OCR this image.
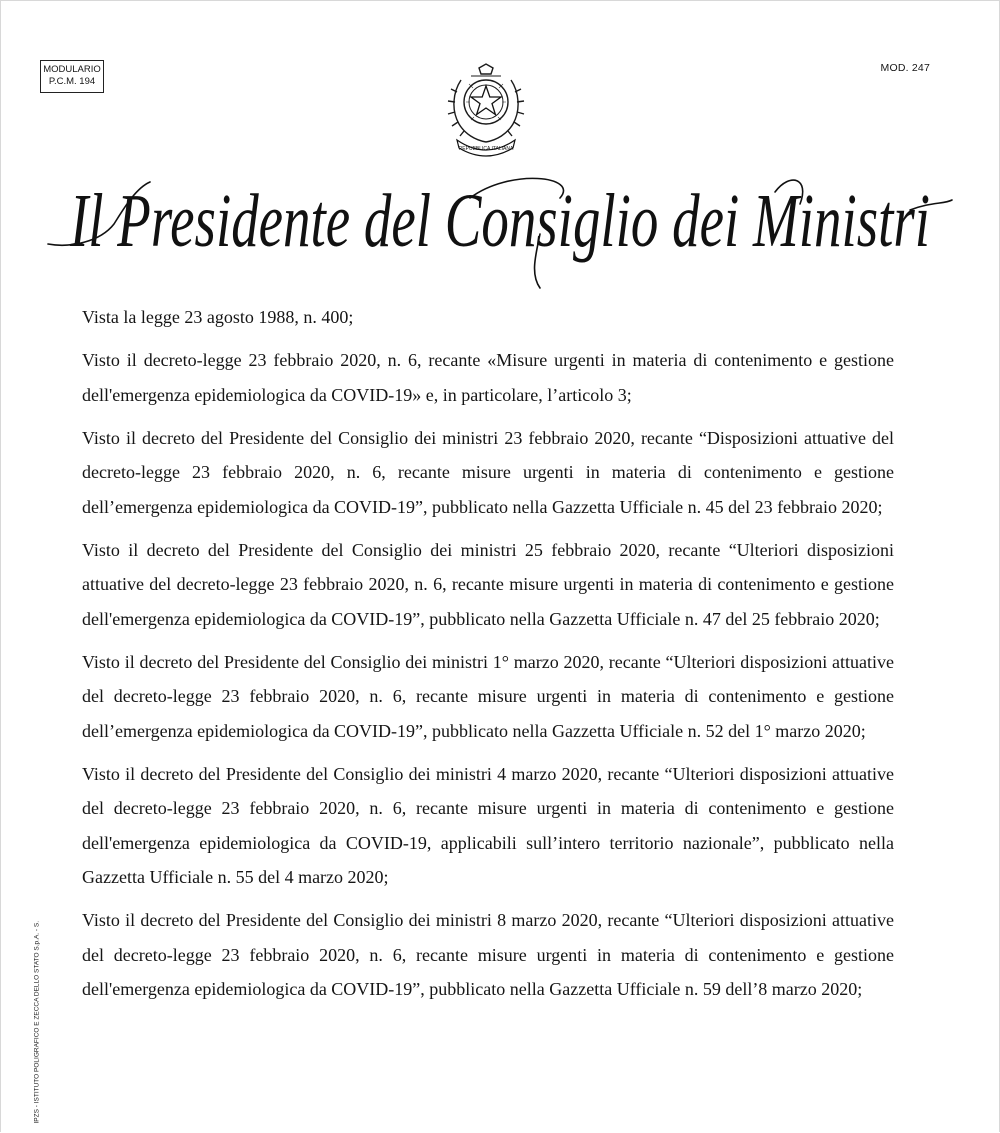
MODULARIO
P.C.M. 194
MOD. 247
REPUBBLICA ITALIANA
Il Presidente del Consiglio dei Ministri

Vista la legge 23 agosto 1988, n. 400;

Visto il decreto-legge 23 febbraio 2020, n. 6, recante «Misure urgenti in materia di contenimento e gestione dell'emergenza epidemiologica da COVID-19» e, in particolare, l’articolo 3;

Visto il decreto del Presidente del Consiglio dei ministri 23 febbraio 2020, recante “Disposizioni attuative del decreto-legge 23 febbraio 2020, n. 6, recante misure urgenti in materia di contenimento e gestione dell’emergenza epidemiologica da COVID-19”, pubblicato nella Gazzetta Ufficiale n. 45 del 23 febbraio 2020;

Visto il decreto del Presidente del Consiglio dei ministri 25 febbraio 2020, recante “Ulteriori disposizioni attuative del decreto-legge 23 febbraio 2020, n. 6, recante misure urgenti in materia di contenimento e gestione dell'emergenza epidemiologica da COVID-19”, pubblicato nella Gazzetta Ufficiale n. 47 del 25 febbraio 2020;

Visto il decreto del Presidente del Consiglio dei ministri 1° marzo 2020, recante “Ulteriori disposizioni attuative del decreto-legge 23 febbraio 2020, n. 6, recante misure urgenti in materia di contenimento e gestione dell’emergenza epidemiologica da COVID-19”, pubblicato nella Gazzetta Ufficiale n. 52 del 1° marzo 2020;

Visto il decreto del Presidente del Consiglio dei ministri 4 marzo 2020, recante “Ulteriori disposizioni attuative del decreto-legge 23 febbraio 2020, n. 6, recante misure urgenti in materia di contenimento e gestione dell'emergenza epidemiologica da COVID-19, applicabili sull’intero territorio nazionale”, pubblicato nella Gazzetta Ufficiale n. 55 del 4 marzo 2020;

Visto il decreto del Presidente del Consiglio dei ministri 8 marzo 2020, recante “Ulteriori disposizioni attuative del decreto-legge 23 febbraio 2020, n. 6, recante misure urgenti in materia di contenimento e gestione dell'emergenza epidemiologica da COVID-19”, pubblicato nella Gazzetta Ufficiale n. 59 dell’8 marzo 2020;

IPZS - ISTITUTO POLIGRAFICO E ZECCA DELLO STATO S.p.A. - S.
